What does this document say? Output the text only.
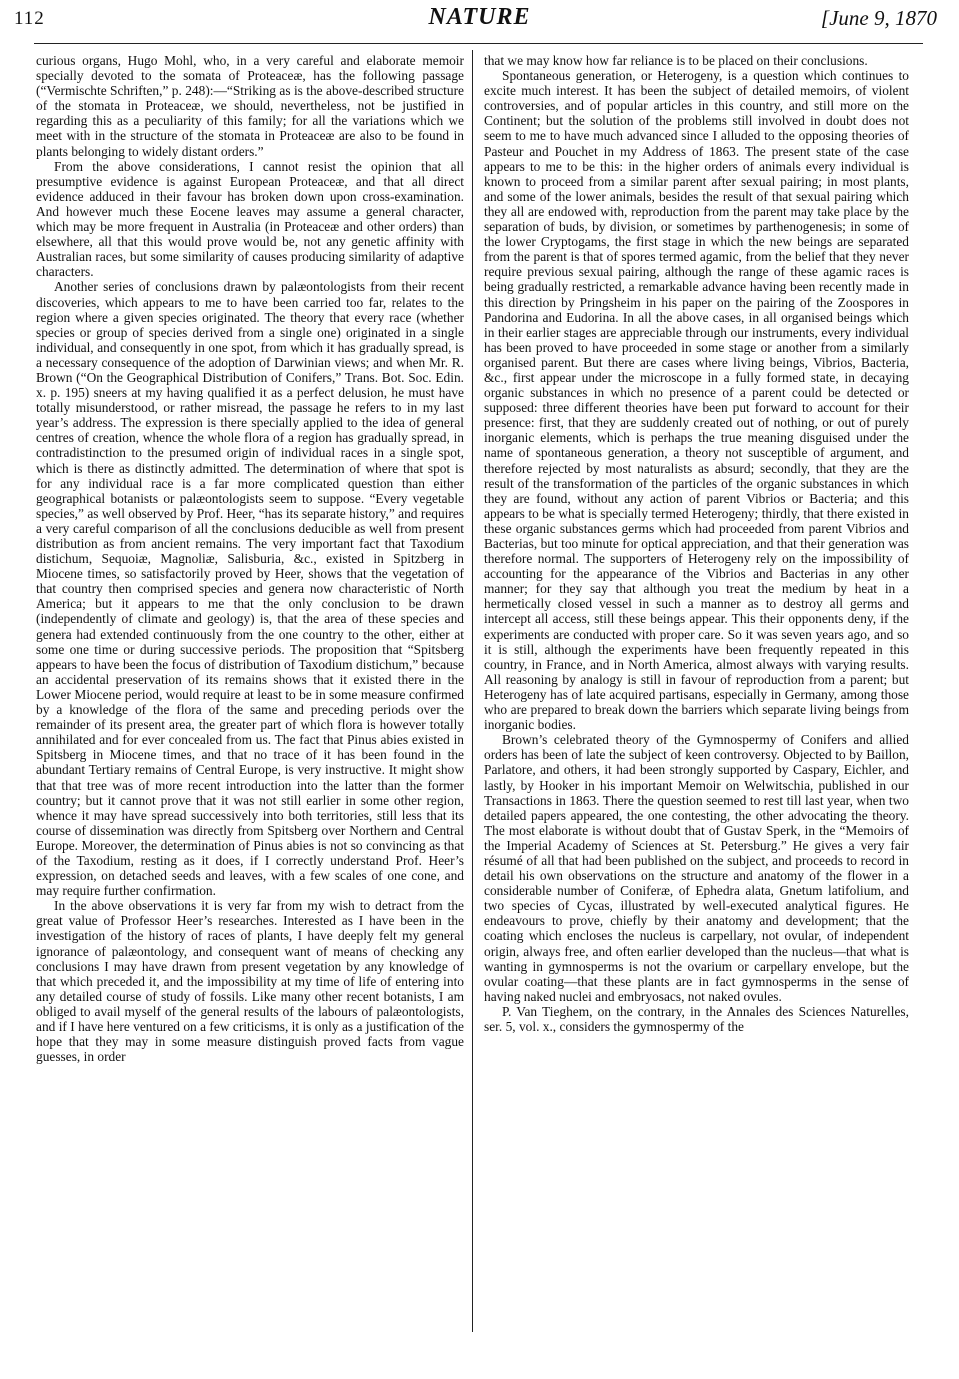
112	NATURE	[June 9, 1870

curious organs, Hugo Mohl, who, in a very careful and elaborate memoir specially devoted to the somata of Proteaceæ, has the following passage (“Vermischte Schriften,” p. 248):—“Striking as is the above-described structure of the stomata in Proteaceæ, we should, nevertheless, not be justified in regarding this as a peculiarity of this family; for all the variations which we meet with in the structure of the stomata in Proteaceæ are also to be found in plants belonging to widely distant orders.”

From the above considerations, I cannot resist the opinion that all presumptive evidence is against European Proteaceæ, and that all direct evidence adduced in their favour has broken down upon cross-examination. And however much these Eocene leaves may assume a general character, which may be more frequent in Australia (in Proteaceæ and other orders) than elsewhere, all that this would prove would be, not any genetic affinity with Australian races, but some similarity of causes producing similarity of adaptive characters.

Another series of conclusions drawn by palæontologists from their recent discoveries, which appears to me to have been carried too far, relates to the region where a given species originated. The theory that every race (whether species or group of species derived from a single one) originated in a single individual, and consequently in one spot, from which it has gradually spread, is a necessary consequence of the adoption of Darwinian views; and when Mr. R. Brown (“On the Geographical Distribution of Conifers,” Trans. Bot. Soc. Edin. x. p. 195) sneers at my having qualified it as a perfect delusion, he must have totally misunderstood, or rather misread, the passage he refers to in my last year’s address. The expression is there specially applied to the idea of general centres of creation, whence the whole flora of a region has gradually spread, in contradistinction to the presumed origin of individual races in a single spot, which is there as distinctly admitted. The determination of where that spot is for any individual race is a far more complicated question than either geographical botanists or palæontologists seem to suppose. “Every vegetable species,” as well observed by Prof. Heer, “has its separate history,” and requires a very careful comparison of all the conclusions deducible as well from present distribution as from ancient remains. The very important fact that Taxodium distichum, Sequoiæ, Magnoliæ, Salisburia, &c., existed in Spitzberg in Miocene times, so satisfactorily proved by Heer, shows that the vegetation of that country then comprised species and genera now characteristic of North America; but it appears to me that the only conclusion to be drawn (independently of climate and geology) is, that the area of these species and genera had extended continuously from the one country to the other, either at some one time or during successive periods. The proposition that “Spitsberg appears to have been the focus of distribution of Taxodium distichum,” because an accidental preservation of its remains shows that it existed there in the Lower Miocene period, would require at least to be in some measure confirmed by a knowledge of the flora of the same and preceding periods over the remainder of its present area, the greater part of which flora is however totally annihilated and for ever concealed from us. The fact that Pinus abies existed in Spitsberg in Miocene times, and that no trace of it has been found in the abundant Tertiary remains of Central Europe, is very instructive. It might show that that tree was of more recent introduction into the latter than the former country; but it cannot prove that it was not still earlier in some other region, whence it may have spread successively into both territories, still less that its course of dissemination was directly from Spitsberg over Northern and Central Europe. Moreover, the determination of Pinus abies is not so convincing as that of the Taxodium, resting as it does, if I correctly understand Prof. Heer’s expression, on detached seeds and leaves, with a few scales of one cone, and may require further confirmation.

In the above observations it is very far from my wish to detract from the great value of Professor Heer’s researches. Interested as I have been in the investigation of the history of races of plants, I have deeply felt my general ignorance of palæontology, and consequent want of means of checking any conclusions I may have drawn from present vegetation by any knowledge of that which preceded it, and the impossibility at my time of life of entering into any detailed course of study of fossils. Like many other recent botanists, I am obliged to avail myself of the general results of the labours of palæontologists, and if I have here ventured on a few criticisms, it is only as a justification of the hope that they may in some measure distinguish proved facts from vague guesses, in order

that we may know how far reliance is to be placed on their conclusions.

Spontaneous generation, or Heterogeny, is a question which continues to excite much interest. It has been the subject of detailed memoirs, of violent controversies, and of popular articles in this country, and still more on the Continent; but the solution of the problems still involved in doubt does not seem to me to have much advanced since I alluded to the opposing theories of Pasteur and Pouchet in my Address of 1863. The present state of the case appears to me to be this: in the higher orders of animals every individual is known to proceed from a similar parent after sexual pairing; in most plants, and some of the lower animals, besides the result of that sexual pairing which they all are endowed with, reproduction from the parent may take place by the separation of buds, by division, or sometimes by parthenogenesis; in some of the lower Cryptogams, the first stage in which the new beings are separated from the parent is that of spores termed agamic, from the belief that they never require previous sexual pairing, although the range of these agamic races is being gradually restricted, a remarkable advance having been recently made in this direction by Pringsheim in his paper on the pairing of the Zoospores in Pandorina and Eudorina. In all the above cases, in all organised beings which in their earlier stages are appreciable through our instruments, every individual has been proved to have proceeded in some stage or another from a similarly organised parent. But there are cases where living beings, Vibrios, Bacteria, &c., first appear under the microscope in a fully formed state, in decaying organic substances in which no presence of a parent could be detected or supposed: three different theories have been put forward to account for their presence: first, that they are suddenly created out of nothing, or out of purely inorganic elements, which is perhaps the true meaning disguised under the name of spontaneous generation, a theory not susceptible of argument, and therefore rejected by most naturalists as absurd; secondly, that they are the result of the transformation of the particles of the organic substances in which they are found, without any action of parent Vibrios or Bacteria; and this appears to be what is specially termed Heterogeny; thirdly, that there existed in these organic substances germs which had proceeded from parent Vibrios and Bacterias, but too minute for optical appreciation, and that their generation was therefore normal. The supporters of Heterogeny rely on the impossibility of accounting for the appearance of the Vibrios and Bacterias in any other manner; for they say that although you treat the medium by heat in a hermetically closed vessel in such a manner as to destroy all germs and intercept all access, still these beings appear. This their opponents deny, if the experiments are conducted with proper care. So it was seven years ago, and so it is still, although the experiments have been frequently repeated in this country, in France, and in North America, almost always with varying results. All reasoning by analogy is still in favour of reproduction from a parent; but Heterogeny has of late acquired partisans, especially in Germany, among those who are prepared to break down the barriers which separate living beings from inorganic bodies.

Brown’s celebrated theory of the Gymnospermy of Conifers and allied orders has been of late the subject of keen controversy. Objected to by Baillon, Parlatore, and others, it had been strongly supported by Caspary, Eichler, and lastly, by Hooker in his important Memoir on Welwitschia, published in our Transactions in 1863. There the question seemed to rest till last year, when two detailed papers appeared, the one contesting, the other advocating the theory. The most elaborate is without doubt that of Gustav Sperk, in the “Memoirs of the Imperial Academy of Sciences at St. Petersburg.” He gives a very fair résumé of all that had been published on the subject, and proceeds to record in detail his own observations on the structure and anatomy of the flower in a considerable number of Coniferæ, of Ephedra alata, Gnetum latifolium, and two species of Cycas, illustrated by well-executed analytical figures. He endeavours to prove, chiefly by their anatomy and development; that the coating which encloses the nucleus is carpellary, not ovular, of independent origin, always free, and often earlier developed than the nucleus—that what is wanting in gymnosperms is not the ovarium or carpellary envelope, but the ovular coating—that these plants are in fact gymnosperms in the sense of having naked nuclei and embryosacs, not naked ovules.

P. Van Tieghem, on the contrary, in the Annales des Sciences Naturelles, ser. 5, vol. x., considers the gymnospermy of the
